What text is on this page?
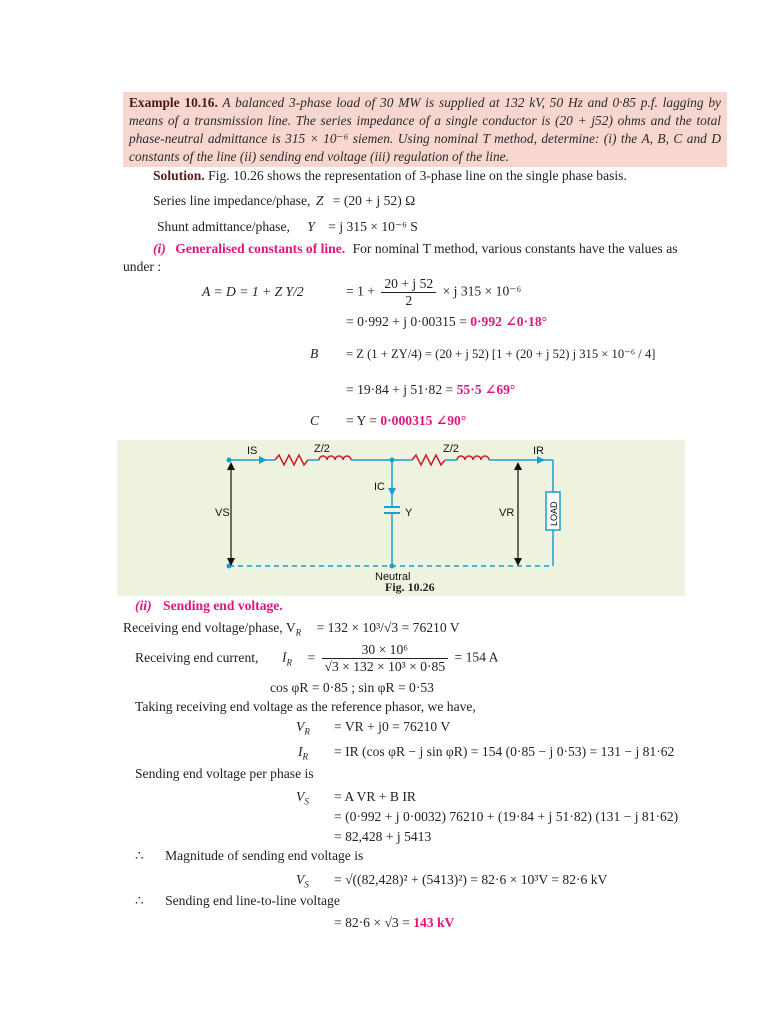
Example 10.16. A balanced 3-phase load of 30 MW is supplied at 132 kV, 50 Hz and 0·85 p.f. lagging by means of a transmission line. The series impedance of a single conductor is (20 + j52) ohms and the total phase-neutral admittance is 315 × 10⁻⁶ siemen. Using nominal T method, determine: (i) the A, B, C and D constants of the line (ii) sending end voltage (iii) regulation of the line.
Solution. Fig. 10.26 shows the representation of 3-phase line on the single phase basis.
Series line impedance/phase, Z = (20 + j 52) Ω
Shunt admittance/phase, Y = j 315 × 10⁻⁶ S
(i) Generalised constants of line. For nominal T method, various constants have the values as
under :
A = D = 1 + Z Y/2	= $1 + \frac{20 + j 52}{2} \times j$ 315 × 10⁻⁶
= 0·992 + j 0·00315 = 0·992 ∠0·18°
B = Z (1 + ZY/4) = (20 + j 52) [1 + (20 + j 52) j 315 × 10⁻⁶ / 4]
= 19·84 + j 51·82 = 55·5 ∠69°
C = Y = 0·000315 ∠90°
IS	Z/2	Z/2	IR
IC
Y
VS	VR	LOAD
Neutral
Fig. 10.26
(ii) Sending end voltage.
Receiving end voltage/phase, $V_R = 132 \times 10^3/√3 = 76210$ V
Receiving end current, $I_R = \frac{\text{30 × 10⁶}}{\text{√3 × 132 × 10³ × 0·85}} = 154$ A
cos φR = 0·85 ; sin φR = 0·53
Taking receiving end voltage as the reference phasor, we have,
$V_R$ = VR + j0 = 76210 V
$I_R$ = IR (cos φR − j sin φR) = 154 (0·85 − j 0·53) = 131 − j 81·62
Sending end voltage per phase is
$V_S = A$ VR + B IR
= (0·992 + j 0·0032) 76210 + (19·84 + j 51·82) (131 − j 81·62)
= 82,428 + j 5413
∴ Magnitude of sending end voltage is
$V_S = √((82,428)^2 + (5413)^2) = 82\cdot 6 \times 10^3V = 82\cdot 6$ kV
∴ Sending end line-to-line voltage
= 82·6 × √3 = 143 kV
